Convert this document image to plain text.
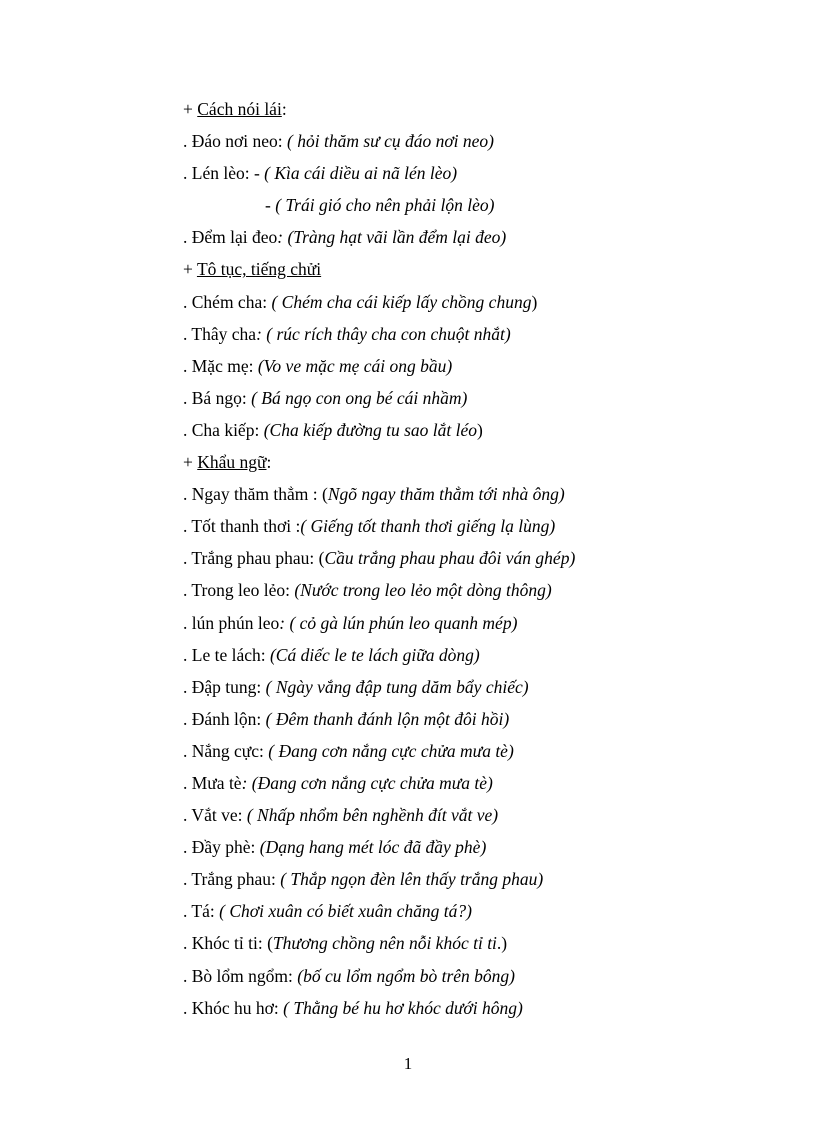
+ Cách nói lái:
. Đáo nơi neo: ( hỏi thăm sư cụ đáo nơi neo)
. Lén lèo: - ( Kìa cái diều ai nã lén lèo)
- ( Trái gió cho nên phải lộn lèo)
. Đểm lại đeo: (Tràng hạt vãi lần đểm lại đeo)
+ Tô tục, tiếng chửi
. Chém cha: ( Chém cha cái kiếp lấy chồng chung)
. Thây cha: ( rúc rích thây cha con chuột nhắt)
. Mặc mẹ: (Vo ve mặc mẹ cái ong bầu)
. Bá ngọ: ( Bá ngọ con ong bé cái nhầm)
. Cha kiếp: (Cha kiếp đường tu sao lắt léo)
+ Khẩu ngữ:
. Ngay thăm thẳm : (Ngõ ngay thăm thẳm tới nhà ông)
. Tốt thanh thơi :( Giếng tốt thanh thơi giếng lạ lùng)
. Trắng phau phau: (Cầu trắng phau phau đôi ván ghép)
. Trong leo lẻo: (Nước trong leo lẻo một dòng thông)
. lún phún leo: ( cỏ gà lún phún leo quanh mép)
. Le te lách: (Cá diếc le te lách giữa dòng)
. Đập tung: ( Ngày vắng đập tung dăm bẩy chiếc)
. Đánh lộn: ( Đêm thanh đánh lộn một đôi hồi)
. Nắng cực: ( Đang cơn nắng cực chửa mưa tè)
. Mưa tè: (Đang cơn nắng cực chửa mưa tè)
. Vắt ve: ( Nhấp nhổm bên nghềnh đít vắt ve)
. Đầy phè: (Dạng hang mét lóc đã đầy phè)
. Trắng phau: ( Thắp ngọn đèn lên thấy trắng phau)
. Tá: ( Chơi xuân có biết xuân chăng tá?)
. Khóc tỉ ti: (Thương chồng nên nỗi khóc tỉ ti.)
. Bò lổm ngổm: (bố cu lổm ngổm bò trên bông)
. Khóc hu hơ: ( Thằng bé hu hơ khóc dưới hông)
1
